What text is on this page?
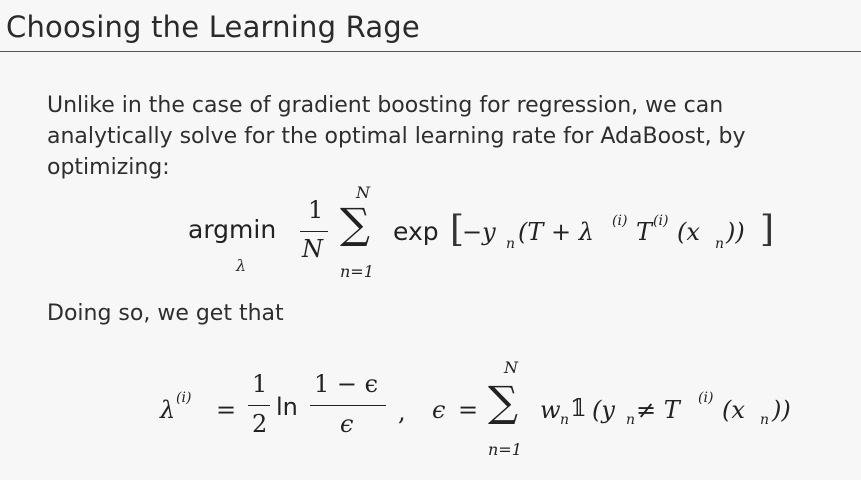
Choosing the Learning Rage

Unlike in the case of gradient boosting for regression, we can analytically solve for the optimal learning rate for AdaBoost, by optimizing:

argmin
λ
1
N
N
∑
n=1
exp [
−y n (T + λ (i) T (i) (x n )) ]

Doing so, we get that

λ (i) =
1
2
ln
1 − ϵ
ϵ , ϵ =
N
∑
n=1
w n 𝟙 (y n ≠ T (i) (x n ))
